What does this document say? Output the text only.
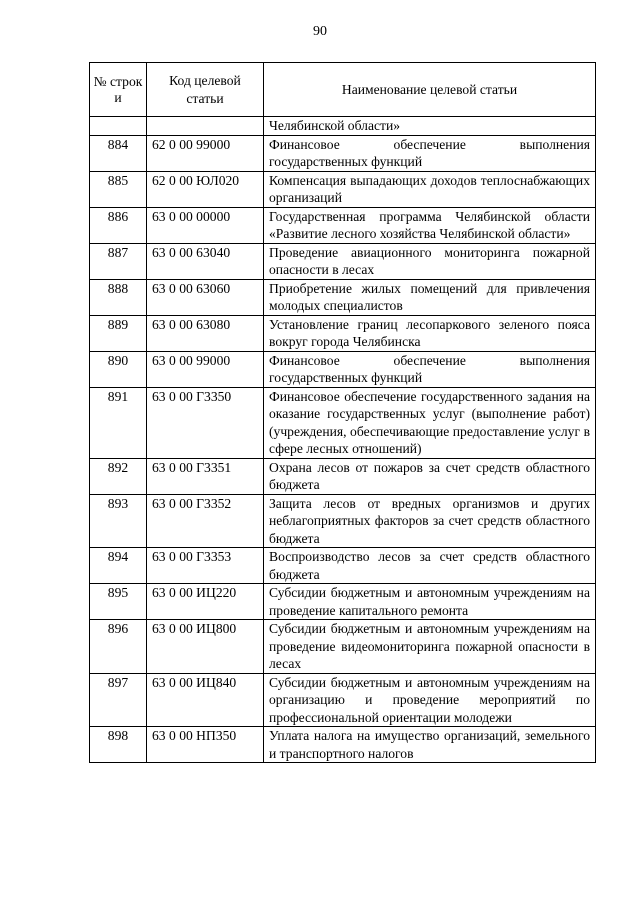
90
№ строк и	Код целевой статьи	Наименование целевой статьи
		Челябинской области»
884	62 0 00 99000	Финансовое обеспечение выполнения государственных функций
885	62 0 00 ЮЛ020	Компенсация выпадающих доходов теплоснабжающих организаций
886	63 0 00 00000	Государственная программа Челябинской области «Развитие лесного хозяйства Челябинской области»
887	63 0 00 63040	Проведение авиационного мониторинга пожарной опасности в лесах
888	63 0 00 63060	Приобретение жилых помещений для привлечения молодых специалистов
889	63 0 00 63080	Установление границ лесопаркового зеленого пояса вокруг города Челябинска
890	63 0 00 99000	Финансовое обеспечение выполнения государственных функций
891	63 0 00 Г3350	Финансовое обеспечение государственного задания на оказание государственных услуг (выполнение работ) (учреждения, обеспечивающие предоставление услуг в сфере лесных отношений)
892	63 0 00 Г3351	Охрана лесов от пожаров за счет средств областного бюджета
893	63 0 00 Г3352	Защита лесов от вредных организмов и других неблагоприятных факторов за счет средств областного бюджета
894	63 0 00 Г3353	Воспроизводство лесов за счет средств областного бюджета
895	63 0 00 ИЦ220	Субсидии бюджетным и автономным учреждениям на проведение капитального ремонта
896	63 0 00 ИЦ800	Субсидии бюджетным и автономным учреждениям на проведение видеомониторинга пожарной опасности в лесах
897	63 0 00 ИЦ840	Субсидии бюджетным и автономным учреждениям на организацию и проведение мероприятий по профессиональной ориентации молодежи
898	63 0 00 НП350	Уплата налога на имущество организаций, земельного и транспортного налогов
